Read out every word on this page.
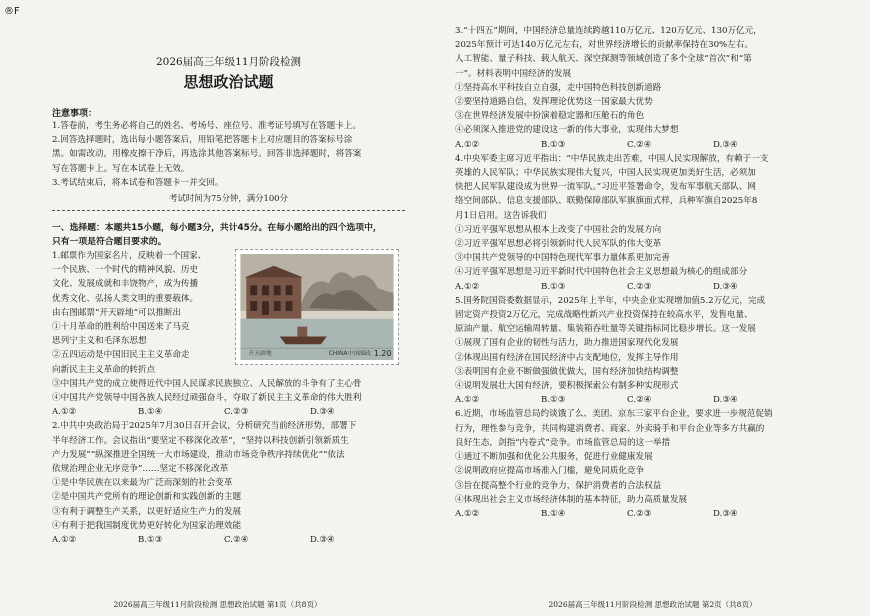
®F
2026届高三年级11月阶段检测
思想政治试题
注意事项：

1.答卷前，考生务必将自己的姓名、考场号、座位号、准考证号填写在答题卡上。

2.回答选择题时，选出每小题答案后，用铅笔把答题卡上对应题目的答案标号涂

黑。如需改动，用橡皮擦干净后，再选涂其他答案标号。回答非选择题时，将答案

写在答题卡上。写在本试卷上无效。

3.考试结束后，将本试卷和答题卡一并交回。

考试时间为75分钟，满分100分
一、选择题：本题共15小题，每小题3分，共计45分。在每小题给出的四个选项中，
只有一项是符合题目要求的。

1.邮票作为国家名片，反映着一个国家、

一个民族、一个时代的精神风貌、历史

文化、发展成就和丰饶物产，成为传播

优秀文化、弘扬人类文明的重要载体。

由右图邮票“开天辟地”可以推断出

①十月革命的胜利给中国送来了马克

思列宁主义和毛泽东思想

②五四运动是中国旧民主主义革命走

向新民主主义革命的转折点

开天辟地	CHINA中国邮政 1.20

③中国共产党的成立使得近代中国人民谋求民族独立、人民解放的斗争有了主心骨

④中国共产党领导中国各族人民经过顽强奋斗，夺取了新民主主义革命的伟大胜利

A.①②	B.①④	C.②③	D.③④

2.中共中央政治局于2025年7月30日召开会议，分析研究当前经济形势，部署下

半年经济工作。会议指出“要坚定不移深化改革”，“坚持以科技创新引领新质生

产力发展”“纵深推进全国统一大市场建设，推动市场竞争秩序持续优化”“依法

依规治理企业无序竞争”……坚定不移深化改革

①是中华民族在以来最为广泛而深刻的社会变革

②是中国共产党所有的理论创新和实践创新的主题

③有利于调整生产关系，以更好适应生产力的发展

④有利于把我国制度优势更好转化为国家治理效能

A.①②	B.①③	C.②④	D.③④
2026届高三年级11月阶段检测 思想政治试题 第1页（共8页）

3.“十四五”期间，中国经济总量连续跨越110万亿元、120万亿元、130万亿元，

2025年预计可达140万亿元左右，对世界经济增长的贡献率保持在30%左右。

人工智能、量子科技、载人航天、深空探测等领域创造了多个全球“首次”和“第

一”。材料表明中国经济的发展

①坚持高水平科技自立自强，走中国特色科技创新道路

②要坚持道路自信，发挥理论优势这一国家最大优势

③在世界经济发展中扮演着稳定器和压舱石的角色

④必须深入推进党的建设这一新的伟大事业，实现伟大梦想

A.①②	B.①③	C.②④	D.③④

4.中央军委主席习近平指出：“中华民族走出苦难，中国人民实现解放，有赖于一支

英雄的人民军队；中华民族实现伟大复兴，中国人民实现更加美好生活，必须加

快把人民军队建设成为世界一流军队。”习近平签署命令，发布军事航天部队、网

络空间部队、信息支援部队、联勤保障部队军旗旗面式样，兵种军旗自2025年8

月1日启用。这告诉我们

①习近平强军思想从根本上改变了中国社会的发展方向

②习近平强军思想必将引领新时代人民军队的伟大变革

③中国共产党领导的中国特色现代军事力量体系更加完善

④习近平强军思想是习近平新时代中国特色社会主义思想最为核心的组成部分

A.①②	B.①③	C.②③	D.③④

5.国务院国资委数据显示，2025年上半年，中央企业实现增加值5.2万亿元，完成

固定资产投资2万亿元，完成战略性新兴产业投资保持在较高水平，发售电量、

原油产量、航空运输周转量、集装箱吞吐量等关键指标同比稳步增长。这一发展

①展现了国有企业的韧性与活力，助力推进国家现代化发展

②体现出国有经济在国民经济中占支配地位，发挥主导作用

③表明国有企业不断做强做优做大，国有经济加快结构调整

④说明发展壮大国有经济，要积极探索公有制多种实现形式

A.①②	B.①③	C.②④	D.③④

6.近期，市场监管总局约谈饿了么、美团、京东三家平台企业，要求进一步规范促销

行为，理性参与竞争，共同构建消费者、商家、外卖骑手和平台企业等多方共赢的

良好生态，剑指“内卷式”竞争。市场监管总局的这一举措

①通过不断加强和优化公共服务，促进行业健康发展

②说明政府应提高市场准入门槛，避免同质化竞争

③旨在提高整个行业的竞争力，保护消费者的合法权益

④体现出社会主义市场经济体制的基本特征，助力高质量发展

A.①②	B.①④	C.②③	D.③④
2026届高三年级11月阶段检测 思想政治试题 第2页（共8页）
